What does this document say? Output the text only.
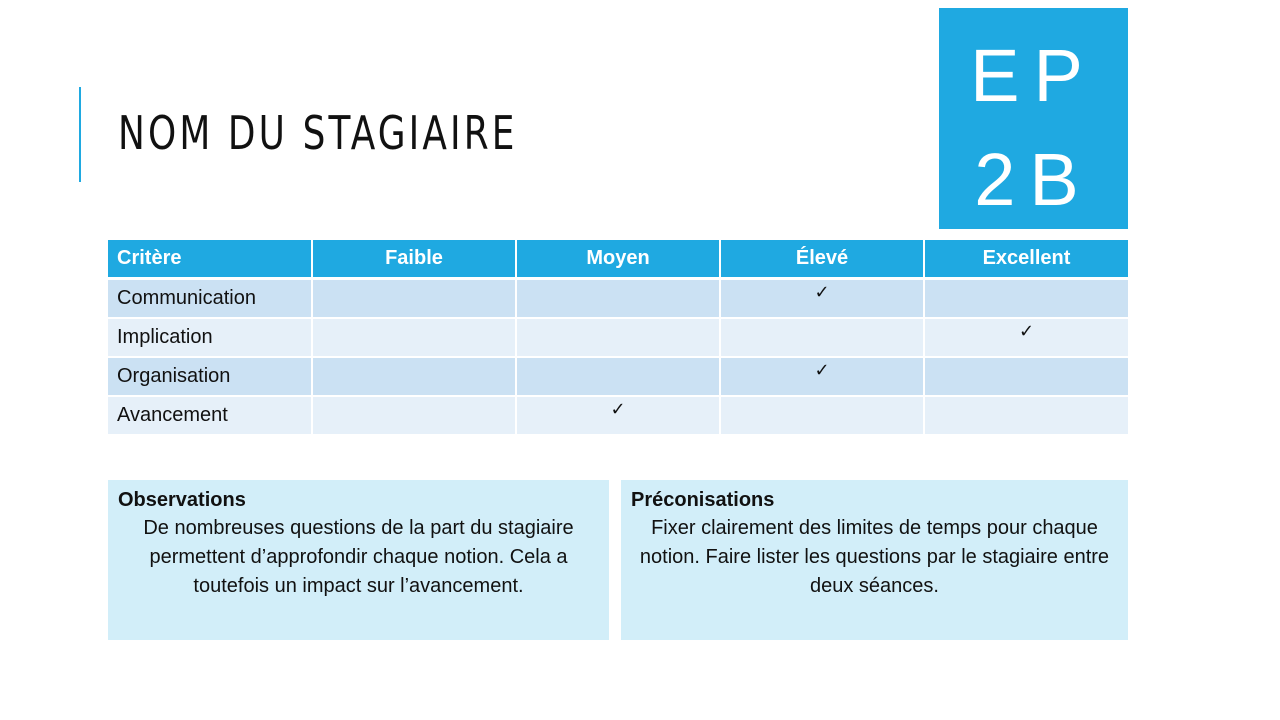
NOM DU STAGIAIRE
EP
2B
Critère	Faible	Moyen	Élevé	Excellent
Communication			✓	
Implication				✓
Organisation			✓	
Avancement		✓		

Observations

De nombreuses questions de la part du stagiaire permettent d’approfondir chaque notion. Cela a toutefois un impact sur l’avancement.

Préconisations

Fixer clairement des limites de temps pour chaque notion. Faire lister les questions par le stagiaire entre deux séances.
